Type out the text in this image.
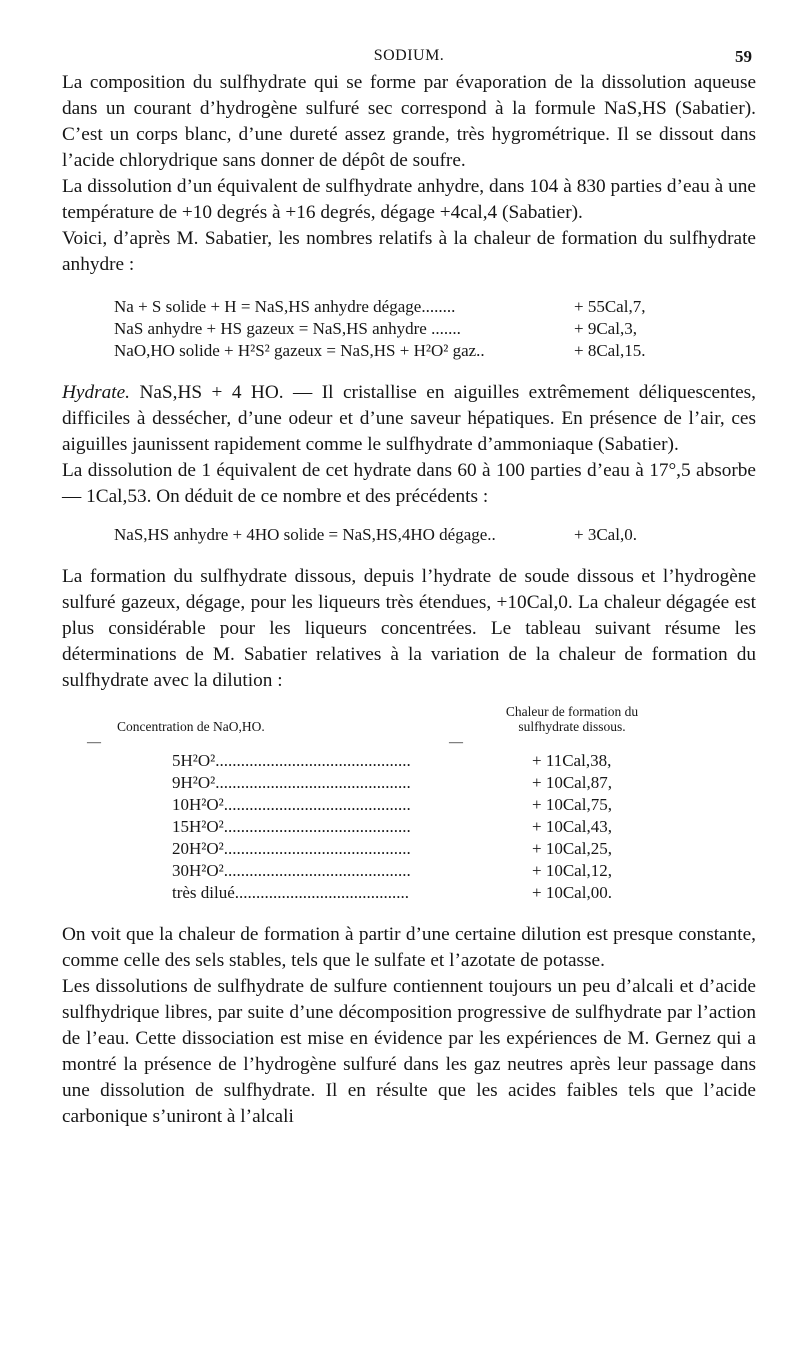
SODIUM.	59

La composition du sulfhydrate qui se forme par évaporation de la dissolution aqueuse dans un courant d’hydrogène sulfuré sec correspond à la formule NaS,HS (Sabatier). C’est un corps blanc, d’une dureté assez grande, très hygrométrique. Il se dissout dans l’acide chlorydrique sans donner de dépôt de soufre.

La dissolution d’un équivalent de sulfhydrate anhydre, dans 104 à 830 parties d’eau à une température de +10 degrés à +16 degrés, dégage +4cal,4 (Sabatier).

Voici, d’après M. Sabatier, les nombres relatifs à la chaleur de formation du sulfhydrate anhydre :

Na + S solide + H = NaS,HS anhydre dégage........	+ 55Cal,7,
NaS anhydre + HS gazeux = NaS,HS anhydre .......	+ 9Cal,3,
NaO,HO solide + H²S² gazeux = NaS,HS + H²O² gaz..	+ 8Cal,15.

Hydrate. NaS,HS + 4 HO. — Il cristallise en aiguilles extrêmement déliquescentes, difficiles à dessécher, d’une odeur et d’une saveur hépatiques. En présence de l’air, ces aiguilles jaunissent rapidement comme le sulfhydrate d’ammoniaque (Sabatier).

La dissolution de 1 équivalent de cet hydrate dans 60 à 100 parties d’eau à 17°,5 absorbe — 1Cal,53. On déduit de ce nombre et des précédents :

NaS,HS anhydre + 4HO solide = NaS,HS,4HO dégage..	+ 3Cal,0.

La formation du sulfhydrate dissous, depuis l’hydrate de soude dissous et l’hydrogène sulfuré gazeux, dégage, pour les liqueurs très étendues, +10Cal,0. La chaleur dégagée est plus considérable pour les liqueurs concentrées. Le tableau suivant résume les déterminations de M. Sabatier relatives à la variation de la chaleur de formation du sulfhydrate avec la dilution :

Concentration de NaO,HO.
Chaleur de formation du sulfhydrate dissous.
—	—
5H²O²..............................................	+ 11Cal,38,
9H²O²..............................................	+ 10Cal,87,
10H²O²............................................	+ 10Cal,75,
15H²O²............................................	+ 10Cal,43,
20H²O²............................................	+ 10Cal,25,
30H²O²............................................	+ 10Cal,12,
très dilué.........................................	+ 10Cal,00.

On voit que la chaleur de formation à partir d’une certaine dilution est presque constante, comme celle des sels stables, tels que le sulfate et l’azotate de potasse.

Les dissolutions de sulfhydrate de sulfure contiennent toujours un peu d’alcali et d’acide sulfhydrique libres, par suite d’une décomposition progressive de sulfhydrate par l’action de l’eau. Cette dissociation est mise en évidence par les expériences de M. Gernez qui a montré la présence de l’hydrogène sulfuré dans les gaz neutres après leur passage dans une dissolution de sulfhydrate. Il en résulte que les acides faibles tels que l’acide carbonique s’uniront à l’alcali
